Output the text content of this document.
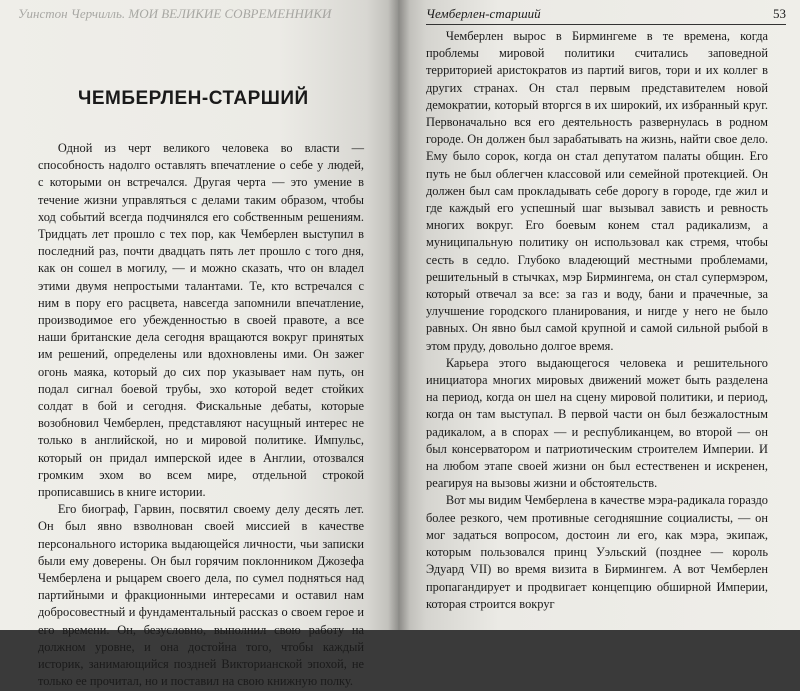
Уинстон Черчилль. МОИ ВЕЛИКИЕ СОВРЕМЕННИКИ
ЧЕМБЕРЛЕН-СТАРШИЙ

Одной из черт великого человека во власти — способность надолго оставлять впечатление о себе у людей, с которыми он встречался. Другая черта — это умение в течение жизни управляться с делами таким образом, чтобы ход событий всегда подчинялся его собственным решениям. Тридцать лет прошло с тех пор, как Чемберлен выступил в последний раз, почти двадцать пять лет прошло с того дня, как он сошел в могилу, — и можно сказать, что он владел этими двумя непростыми талантами. Те, кто встречался с ним в пору его расцвета, навсегда запомнили впечатление, производимое его убежденностью в своей правоте, а все наши британские дела сегодня вращаются вокруг принятых им решений, определены или вдохновлены ими. Он зажег огонь маяка, который до сих пор указывает нам путь, он подал сигнал боевой трубы, эхо которой ведет стойких солдат в бой и сегодня. Фискальные дебаты, которые возобновил Чемберлен, представляют насущный интерес не только в английской, но и мировой политике. Импульс, который он придал имперской идее в Англии, отозвался громким эхом во всем мире, отдельной строкой прописавшись в книге истории.

Его биограф, Гарвин, посвятил своему делу десять лет. Он был явно взволнован своей миссией в качестве персонального историка выдающейся личности, чьи записки были ему доверены. Он был горячим поклонником Джозефа Чемберлена и рыцарем своего дела, по сумел подняться над партийными и фракционными интересами и оставил нам добросовестный и фундаментальный рассказ о своем герое и его времени. Он, безусловно, выполнил свою работу на должном уровне, и она достойна того, чтобы каждый историк, занимающийся поздней Викторианской эпохой, не только ее прочитал, но и поставил на свою книжную полку.

Чемберлен-старший	53

Чемберлен вырос в Бирмингеме в те времена, когда проблемы мировой политики считались заповедной территорией аристократов из партий вигов, тори и их коллег в других странах. Он стал первым представителем новой демократии, который вторгся в их широкий, их избранный круг. Первоначально вся его деятельность развернулась в родном городе. Он должен был зарабатывать на жизнь, найти свое дело. Ему было сорок, когда он стал депутатом палаты общин. Его путь не был облегчен классовой или семейной протекцией. Он должен был сам прокладывать себе дорогу в городе, где жил и где каждый его успешный шаг вызывал зависть и ревность многих вокруг. Его боевым конем стал радикализм, а муниципальную политику он использовал как стремя, чтобы сесть в седло. Глубоко владеющий местными проблемами, решительный в стычках, мэр Бирмингема, он стал супермэром, который отвечал за все: за газ и воду, бани и прачечные, за улучшение городского планирования, и нигде у него не было равных. Он явно был самой крупной и самой сильной рыбой в этом пруду, довольно долгое время.

Карьера этого выдающегося человека и решительного инициатора многих мировых движений может быть разделена на период, когда он шел на сцену мировой политики, и период, когда он там выступал. В первой части он был безжалостным радикалом, а в спорах — и республиканцем, во второй — он был консерватором и патриотическим строителем Империи. И на любом этапе своей жизни он был естественен и искренен, реагируя на вызовы жизни и обстоятельств.

Вот мы видим Чемберлена в качестве мэра-радикала гораздо более резкого, чем противные сегодняшние социалисты, — он мог задаться вопросом, достоин ли его, как мэра, экипаж, которым пользовался принц Уэльский (позднее — король Эдуард VII) во время визита в Бирмингем. А вот Чемберлен пропагандирует и продвигает концепцию обширной Империи, которая строится вокруг
